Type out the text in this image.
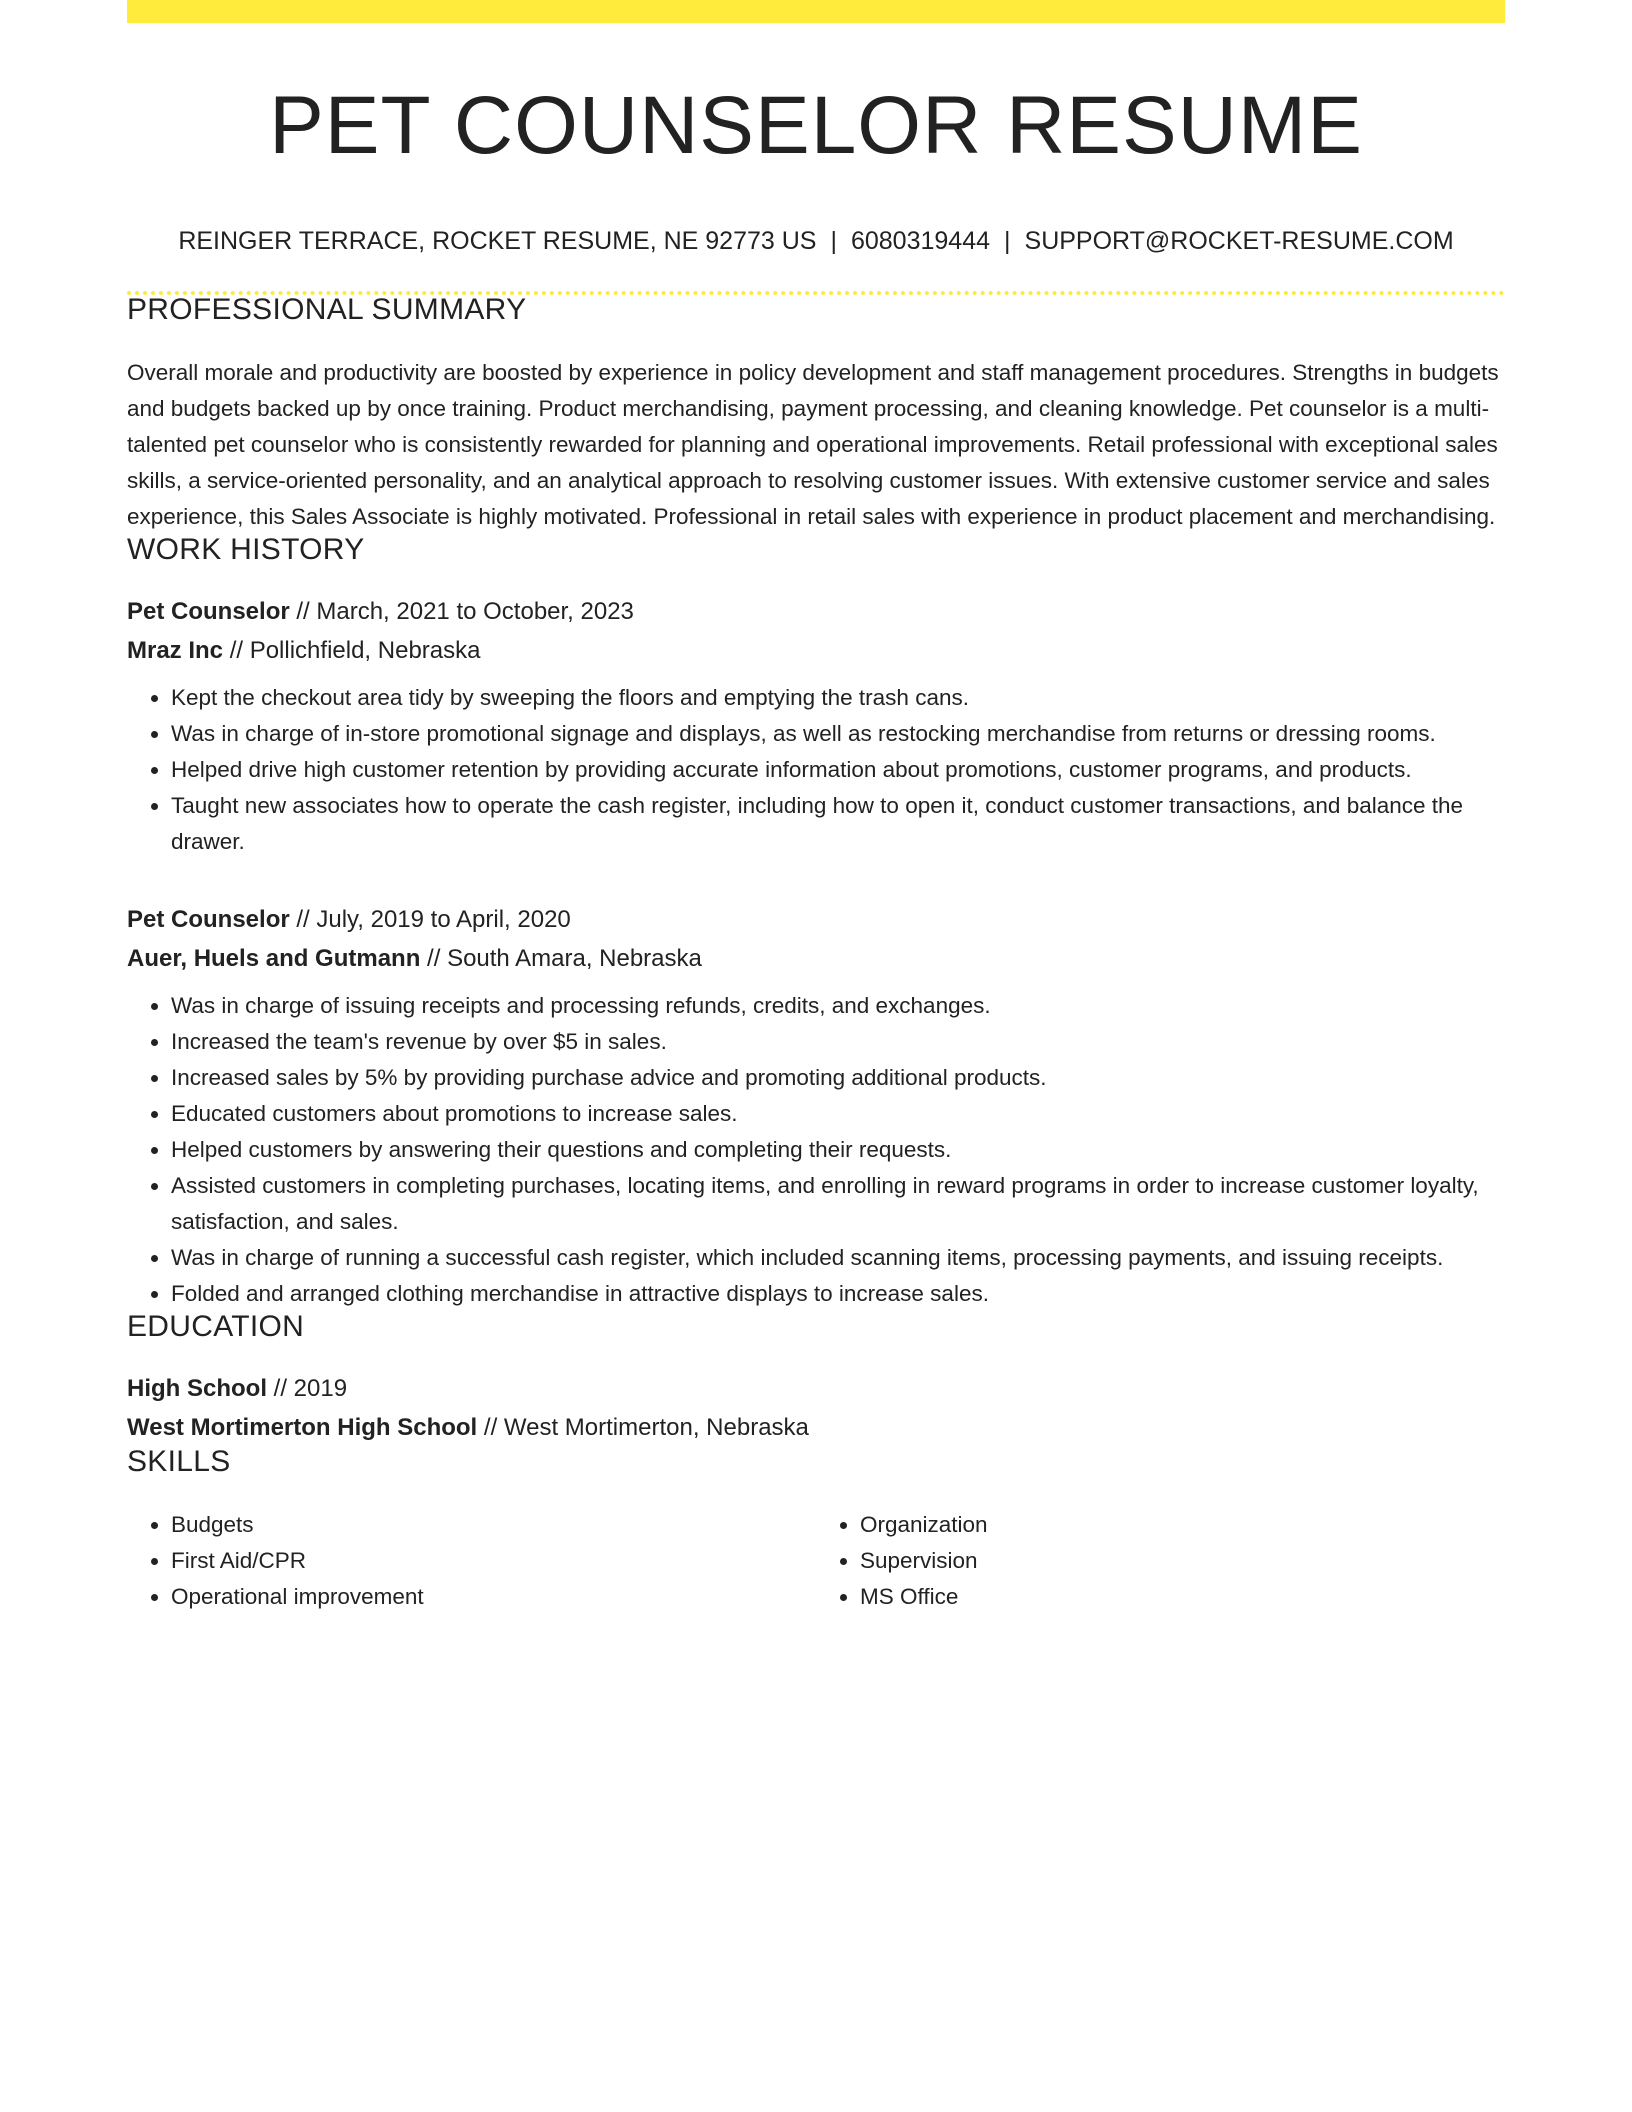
PET COUNSELOR RESUME
REINGER TERRACE, ROCKET RESUME, NE 92773 US | 6080319444 | SUPPORT@ROCKET-RESUME.COM
PROFESSIONAL SUMMARY

Overall morale and productivity are boosted by experience in policy development and staff management procedures. Strengths in budgets and budgets backed up by once training. Product merchandising, payment processing, and cleaning knowledge. Pet counselor is a multi-talented pet counselor who is consistently rewarded for planning and operational improvements. Retail professional with exceptional sales skills, a service-oriented personality, and an analytical approach to resolving customer issues. With extensive customer service and sales experience, this Sales Associate is highly motivated. Professional in retail sales with experience in product placement and merchandising.

WORK HISTORY
Pet Counselor // March, 2021 to October, 2023
Mraz Inc // Pollichfield, Nebraska
• Kept the checkout area tidy by sweeping the floors and emptying the trash cans.
• Was in charge of in-store promotional signage and displays, as well as restocking merchandise from returns or dressing rooms.
• Helped drive high customer retention by providing accurate information about promotions, customer programs, and products.
• Taught new associates how to operate the cash register, including how to open it, conduct customer transactions, and balance the drawer.
Pet Counselor // July, 2019 to April, 2020
Auer, Huels and Gutmann // South Amara, Nebraska
• Was in charge of issuing receipts and processing refunds, credits, and exchanges.
• Increased the team's revenue by over $5 in sales.
• Increased sales by 5% by providing purchase advice and promoting additional products.
• Educated customers about promotions to increase sales.
• Helped customers by answering their questions and completing their requests.
• Assisted customers in completing purchases, locating items, and enrolling in reward programs in order to increase customer loyalty, satisfaction, and sales.
• Was in charge of running a successful cash register, which included scanning items, processing payments, and issuing receipts.
• Folded and arranged clothing merchandise in attractive displays to increase sales.
EDUCATION
High School // 2019
West Mortimerton High School // West Mortimerton, Nebraska
SKILLS
• Budgets
• First Aid/CPR
• Operational improvement
• Organization
• Supervision
• MS Office
